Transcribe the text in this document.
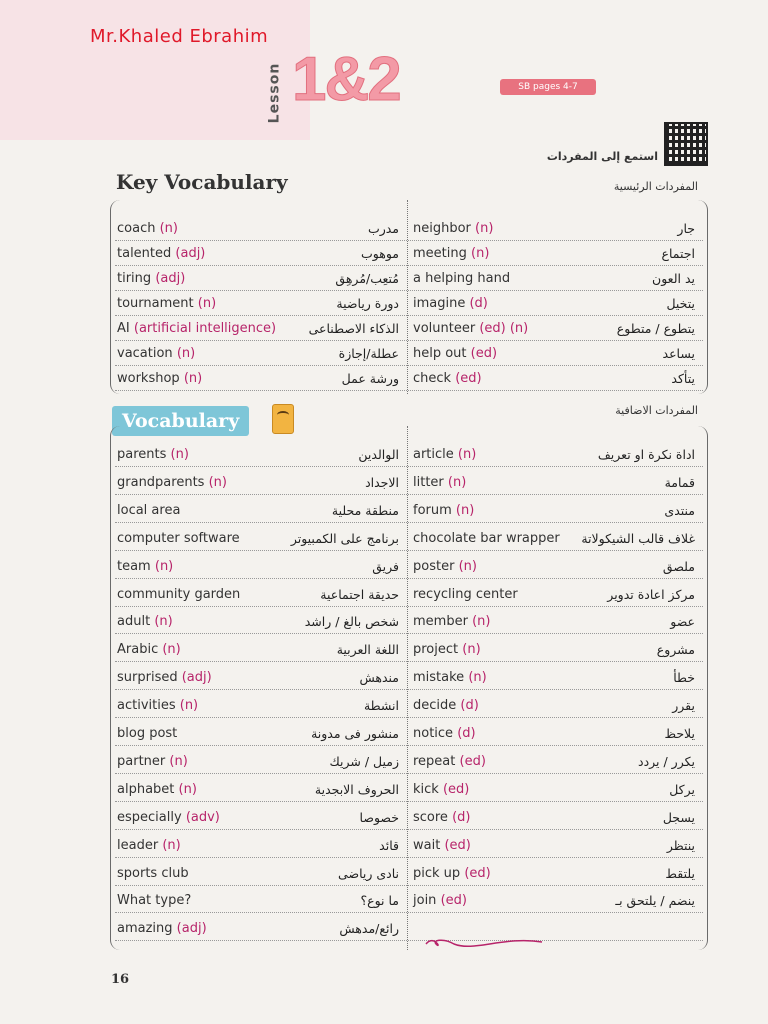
Mr.Khaled Ebrahim
Lesson 1&2	SB pages 4-7
استمع إلى المفردات
Key Vocabulary	المفردات الرئيسية
coach (n)	مدرب neighbor (n)	جار
talented (adj)	موهوب meeting (n)	اجتماع
tiring (adj)	مُتعِب/مُرهِق a helping hand	يد العون
tournament (n)	دورة رياضية imagine (d)	يتخيل
AI (artificial intelligence)	الذكاء الاصطناعى volunteer (ed) (n)	يتطوع / متطوع
vacation (n)	عطلة/إجازة help out (ed)	يساعد
workshop (n)	ورشة عمل check (ed)	يتأكد
Vocabulary	المفردات الاضافية
parents (n)	الوالدين article (n)	اداة نكرة او تعريف
grandparents (n)	الاجداد litter (n)	قمامة
local area	منطقة محلية forum (n)	منتدى
computer software	برنامج على الكمبيوتر chocolate bar wrapper غلاف قالب الشيكولاتة
team (n)	فريق poster (n)	ملصق
community garden	حديقة اجتماعية recycling center	مركز اعادة تدوير
adult (n)	شخص بالغ / راشد member (n)	عضو
Arabic (n)	اللغة العربية project (n)	مشروع
surprised (adj)	مندهش mistake (n)	خطأ
activities (n)	انشطة decide (d)	يقرر
blog post	منشور فى مدونة notice (d)	يلاحظ
partner (n)	زميل / شريك repeat (ed)	يكرر / يردد
alphabet (n)	الحروف الابجدية kick (ed)	يركل
especially (adv)	خصوصا score (d)	يسجل
leader (n)	قائد wait (ed)	ينتظر
sports club	نادى رياضى pick up (ed)	يلتقط
What type?	ما نوع؟ join (ed)	ينضم / يلتحق بـ
amazing (adj)	رائع/مدهش
16
